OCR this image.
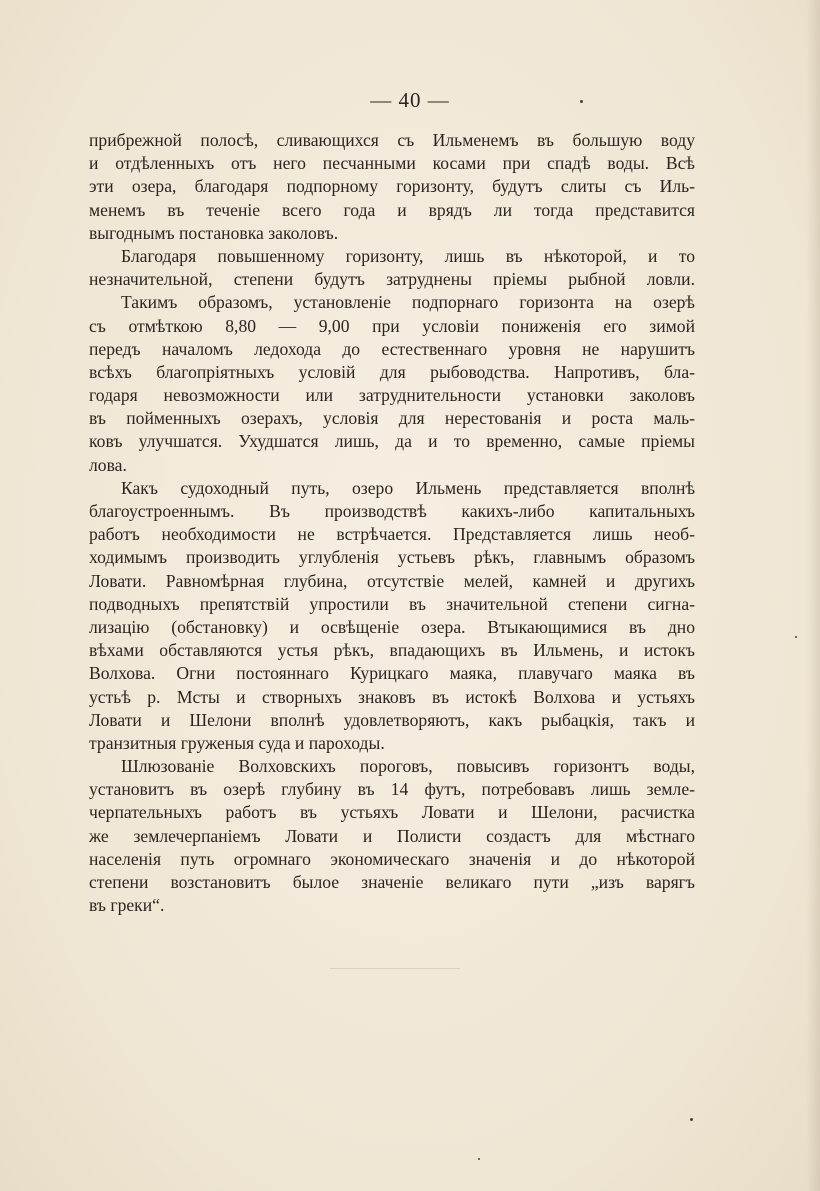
— 40 —
прибрежной полосѣ, сливающихся съ Ильменемъ въ большую воду
и отдѣленныхъ отъ него песчанными косами при спадѣ воды. Всѣ
эти озера, благодаря подпорному горизонту, будутъ слиты съ Иль-
менемъ въ теченіе всего года и врядъ ли тогда представится
выгоднымъ постановка заколовъ.
Благодаря повышенному горизонту, лишь въ нѣкоторой, и то
незначительной, степени будутъ затруднены пріемы рыбной ловли.
Такимъ образомъ, установленіе подпорнаго горизонта на озерѣ
съ отмѣткою 8,80 — 9,00 при условіи пониженія его зимой
передъ началомъ ледохода до естественнаго уровня не нарушитъ
всѣхъ благопріятныхъ условій для рыбоводства. Напротивъ, бла-
годаря невозможности или затруднительности установки заколовъ
въ пойменныхъ озерахъ, условія для нерестованія и роста маль-
ковъ улучшатся. Ухудшатся лишь, да и то временно, самые пріемы
лова.
Какъ судоходный путь, озеро Ильмень представляется вполнѣ
благоустроеннымъ. Въ производствѣ какихъ-либо капитальныхъ
работъ необходимости не встрѣчается. Представляется лишь необ-
ходимымъ производить углубленія устьевъ рѣкъ, главнымъ образомъ
Ловати. Равномѣрная глубина, отсутствіе мелей, камней и другихъ
подводныхъ препятствій упростили въ значительной степени сигна-
лизацію (обстановку) и освѣщеніе озера. Втыкающимися въ дно
вѣхами обставляются устья рѣкъ, впадающихъ въ Ильмень, и истокъ
Волхова. Огни постояннаго Курицкаго маяка, плавучаго маяка въ
устьѣ р. Мсты и створныхъ знаковъ въ истокѣ Волхова и устьяхъ
Ловати и Шелони вполнѣ удовлетворяютъ, какъ рыбацкія, такъ и
транзитныя груженыя суда и пароходы.
Шлюзованіе Волховскихъ пороговъ, повысивъ горизонтъ воды,
установитъ въ озерѣ глубину въ 14 футъ, потребовавъ лишь земле-
черпательныхъ работъ въ устьяхъ Ловати и Шелони, расчистка
же землечерпаніемъ Ловати и Полисти создастъ для мѣстнаго
населенія путь огромнаго экономическаго значенія и до нѣкоторой
степени возстановитъ былое значеніе великаго пути „изъ варягъ
въ греки“.
